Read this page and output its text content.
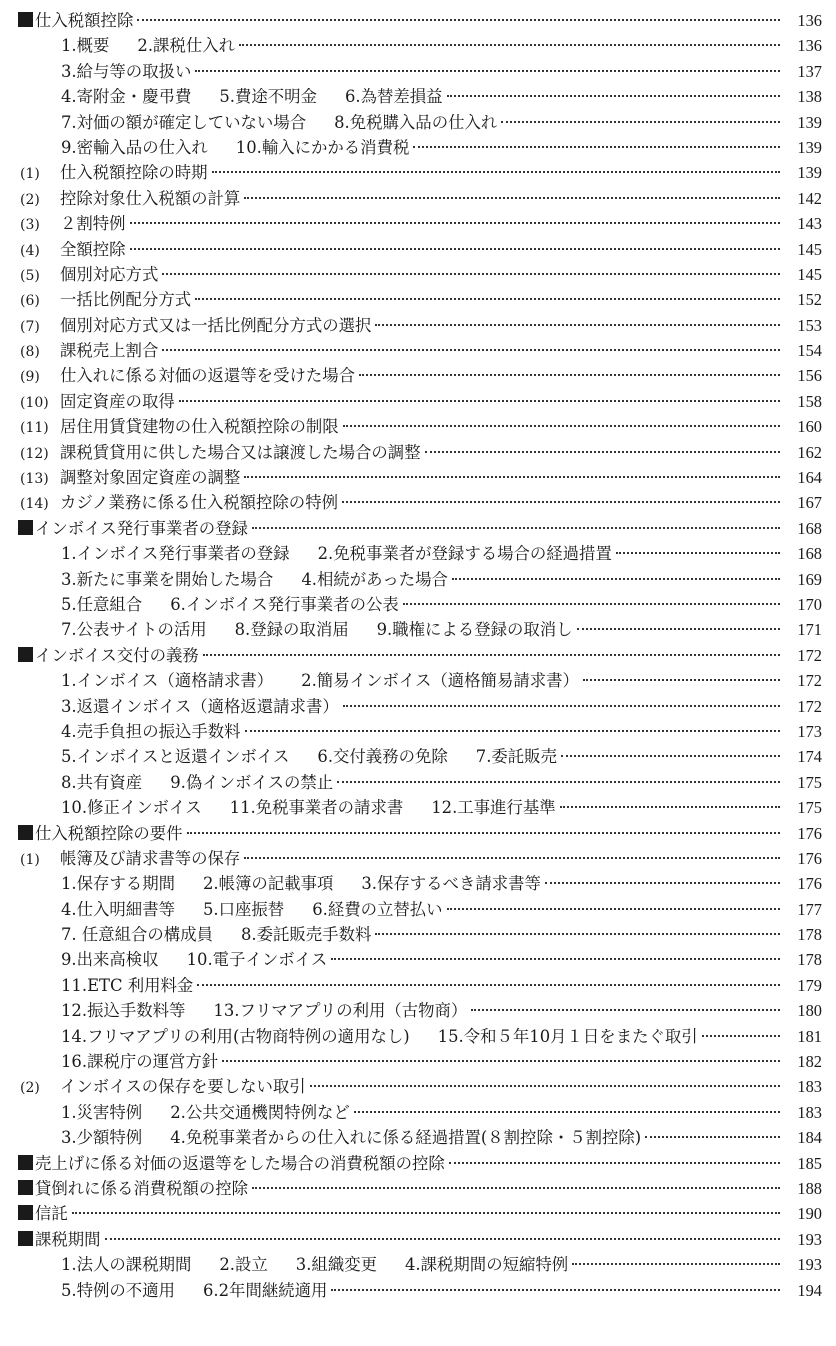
仕入税額控除	136
1.概要 2.課税仕入れ	136
3.給与等の取扱い	137
4.寄附金・慶弔費 5.費途不明金 6.為替差損益	138
7.対価の額が確定していない場合 8.免税購入品の仕入れ	139
9.密輸入品の仕入れ 10.輸入にかかる消費税	139
(1)	仕入税額控除の時期	139
(2)	控除対象仕入税額の計算	142
(3)	２割特例	143
(4)	全額控除	145
(5)	個別対応方式	145
(6)	一括比例配分方式	152
(7)	個別対応方式又は一括比例配分方式の選択	153
(8)	課税売上割合	154
(9)	仕入れに係る対価の返還等を受けた場合	156
(10) 固定資産の取得	158
(11) 居住用賃貸建物の仕入税額控除の制限	160
(12) 課税賃貸用に供した場合又は譲渡した場合の調整	162
(13) 調整対象固定資産の調整	164
(14) カジノ業務に係る仕入税額控除の特例	167
インボイス発行事業者の登録	168
1.インボイス発行事業者の登録 2.免税事業者が登録する場合の経過措置	168
3.新たに事業を開始した場合 4.相続があった場合	169
5.任意組合 6.インボイス発行事業者の公表	170
7.公表サイトの活用 8.登録の取消届 9.職権による登録の取消し	171
インボイス交付の義務	172
1.インボイス（適格請求書） 2.簡易インボイス（適格簡易請求書）	172
3.返還インボイス（適格返還請求書）	172
4.売手負担の振込手数料	173
5.インボイスと返還インボイス 6.交付義務の免除 7.委託販売	174
8.共有資産 9.偽インボイスの禁止	175
10.修正インボイス 11.免税事業者の請求書 12.工事進行基準	175
仕入税額控除の要件	176
(1)	帳簿及び請求書等の保存	176
1.保存する期間 2.帳簿の記載事項 3.保存するべき請求書等	176
4.仕入明細書等 5.口座振替 6.経費の立替払い	177
7. 任意組合の構成員 8.委託販売手数料	178
9.出来高検収 10.電子インボイス	178
11.ETC 利用料金	179
12.振込手数料等 13.フリマアプリの利用（古物商）	180
14.フリマアプリの利用(古物商特例の適用なし) 15.令和５年10月１日をまたぐ取引	181
16.課税庁の運営方針	182
(2)	インボイスの保存を要しない取引	183
1.災害特例 2.公共交通機関特例など	183
3.少額特例 4.免税事業者からの仕入れに係る経過措置(８割控除・５割控除)	184
売上げに係る対価の返還等をした場合の消費税額の控除	185
貸倒れに係る消費税額の控除	188
信託	190
課税期間	193
1.法人の課税期間 2.設立 3.組織変更 4.課税期間の短縮特例	193
5.特例の不適用 6.2年間継続適用	194
